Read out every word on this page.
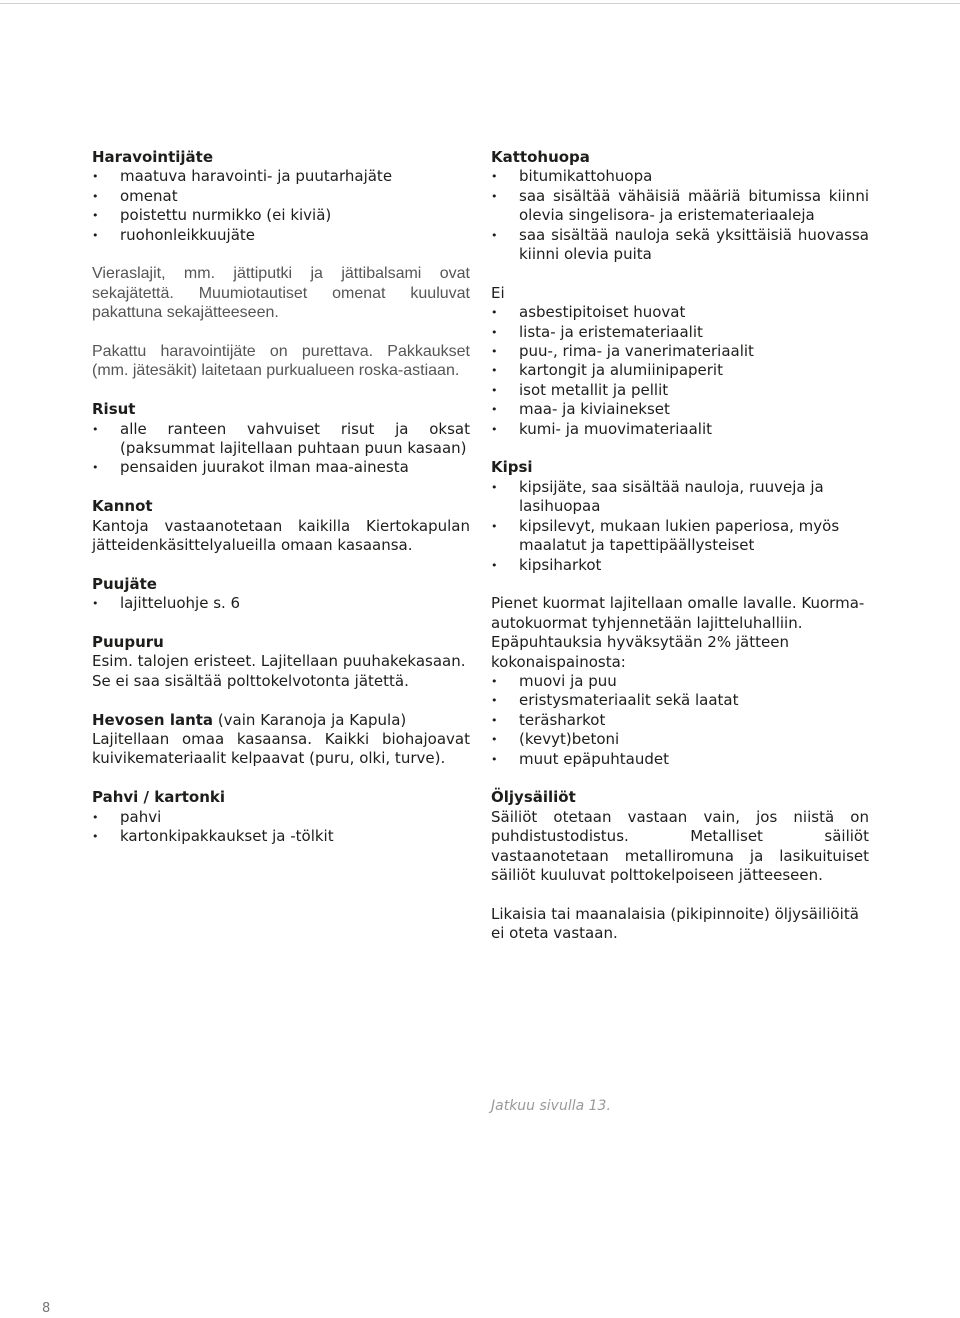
Haravointijäte
• maatuva haravointi- ja puutarhajäte
• omenat
• poistettu nurmikko (ei kiviä)
• ruohonleikkuujäte

Vieraslajit, mm. jättiputki ja jättibalsami ovat sekajätettä. Muumiotautiset omenat kuuluvat pakattuna sekajätteeseen.

Pakattu haravointijäte on purettava. Pakkaukset (mm. jätesäkit) laitetaan purkualueen roska-astiaan.

Risut
• alle ranteen vahvuiset risut ja oksat (paksummat lajitellaan puhtaan puun kasaan)
• pensaiden juurakot ilman maa-ainesta
Kannot

Kantoja vastaanotetaan kaikilla Kiertokapulan jätteidenkäsittelyalueilla omaan kasaansa.

Puujäte
• lajitteluohje s. 6
Puupuru

Esim. talojen eristeet. Lajitellaan puuhakekasaan.

Se ei saa sisältää polttokelvotonta jätettä.

Hevosen lanta (vain Karanoja ja Kapula)

Lajitellaan omaa kasaansa. Kaikki biohajoavat kuivikemateriaalit kelpaavat (puru, olki, turve).

Pahvi / kartonki
• pahvi
• kartonkipakkaukset ja -tölkit
Kattohuopa
• bitumikattohuopa
• saa sisältää vähäisiä määriä bitumissa kiinni olevia singelisora- ja eristemateriaaleja
• saa sisältää nauloja sekä yksittäisiä huovassa kiinni olevia puita
Ei
• asbestipitoiset huovat
• lista- ja eristemateriaalit
• puu-, rima- ja vanerimateriaalit
• kartongit ja alumiinipaperit
• isot metallit ja pellit
• maa- ja kiviainekset
• kumi- ja muovimateriaalit
Kipsi
• kipsijäte, saa sisältää nauloja, ruuveja ja lasihuopaa
• kipsilevyt, mukaan lukien paperiosa, myös maalatut ja tapettipäällysteiset
• kipsiharkot

Pienet kuormat lajitellaan omalle lavalle. Kuorma-autokuormat tyhjennetään lajitteluhalliin. Epäpuhtauksia hyväksytään 2% jätteen kokonaispainosta:

• muovi ja puu
• eristysmateriaalit sekä laatat
• teräsharkot
• (kevyt)betoni
• muut epäpuhtaudet
Öljysäiliöt

Säiliöt otetaan vastaan vain, jos niistä on puhdistustodistus. Metalliset säiliöt vastaanotetaan metalliromuna ja lasikuituiset säiliöt kuuluvat polttokelpoiseen jätteeseen.

Likaisia tai maanalaisia (pikipinnoite) öljysäiliöitä ei oteta vastaan.

Jatkuu sivulla 13.
8
